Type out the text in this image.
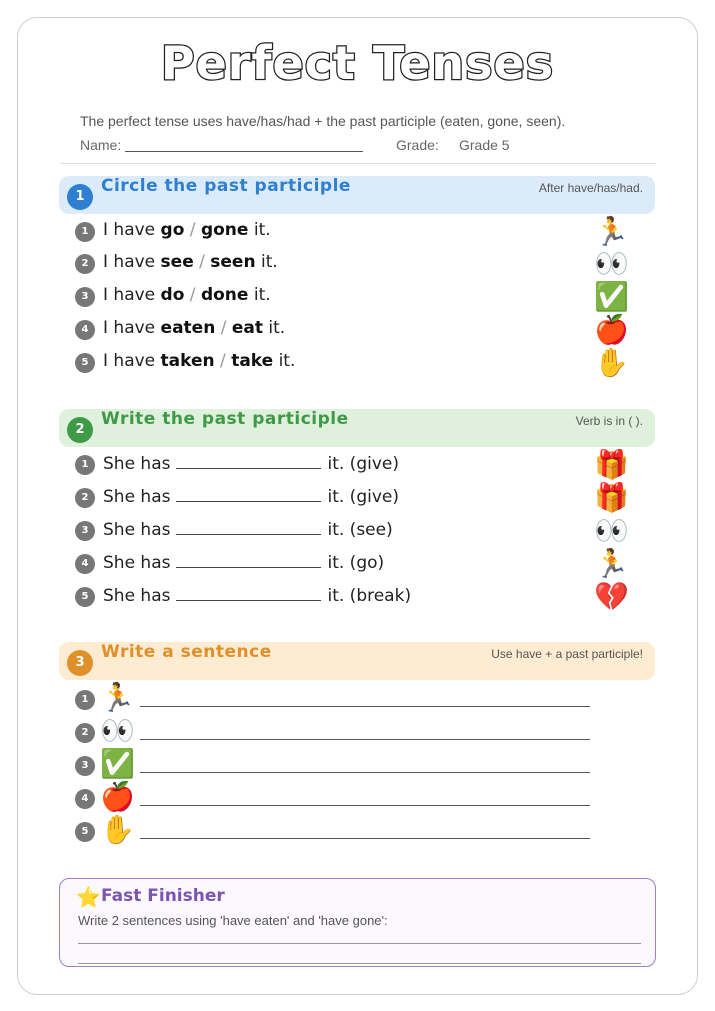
Perfect Tenses
The perfect tense uses have/has/had + the past participle (eaten, gone, seen).
Name:	Grade: Grade 5
1
Circle the past participle	After have/has/had.
1 I have go / gone it.	🏃
2 I have see / seen it.	👀
3 I have do / done it.	✅
4 I have eaten / eat it.	🍎
5 I have taken / take it.	✋
2
Write the past participle	Verb is in ( ).
1 She has	it. (give)	🎁
2 She has	it. (give)	🎁
3 She has	it. (see)	👀
4 She has	it. (go)	🏃
5 She has	it. (break)	💔
3
Write a sentence	Use have + a past participle!
1 🏃
2 👀
3 ✅
4 🍎
5 ✋
⭐ Fast Finisher
Write 2 sentences using 'have eaten' and 'have gone':
